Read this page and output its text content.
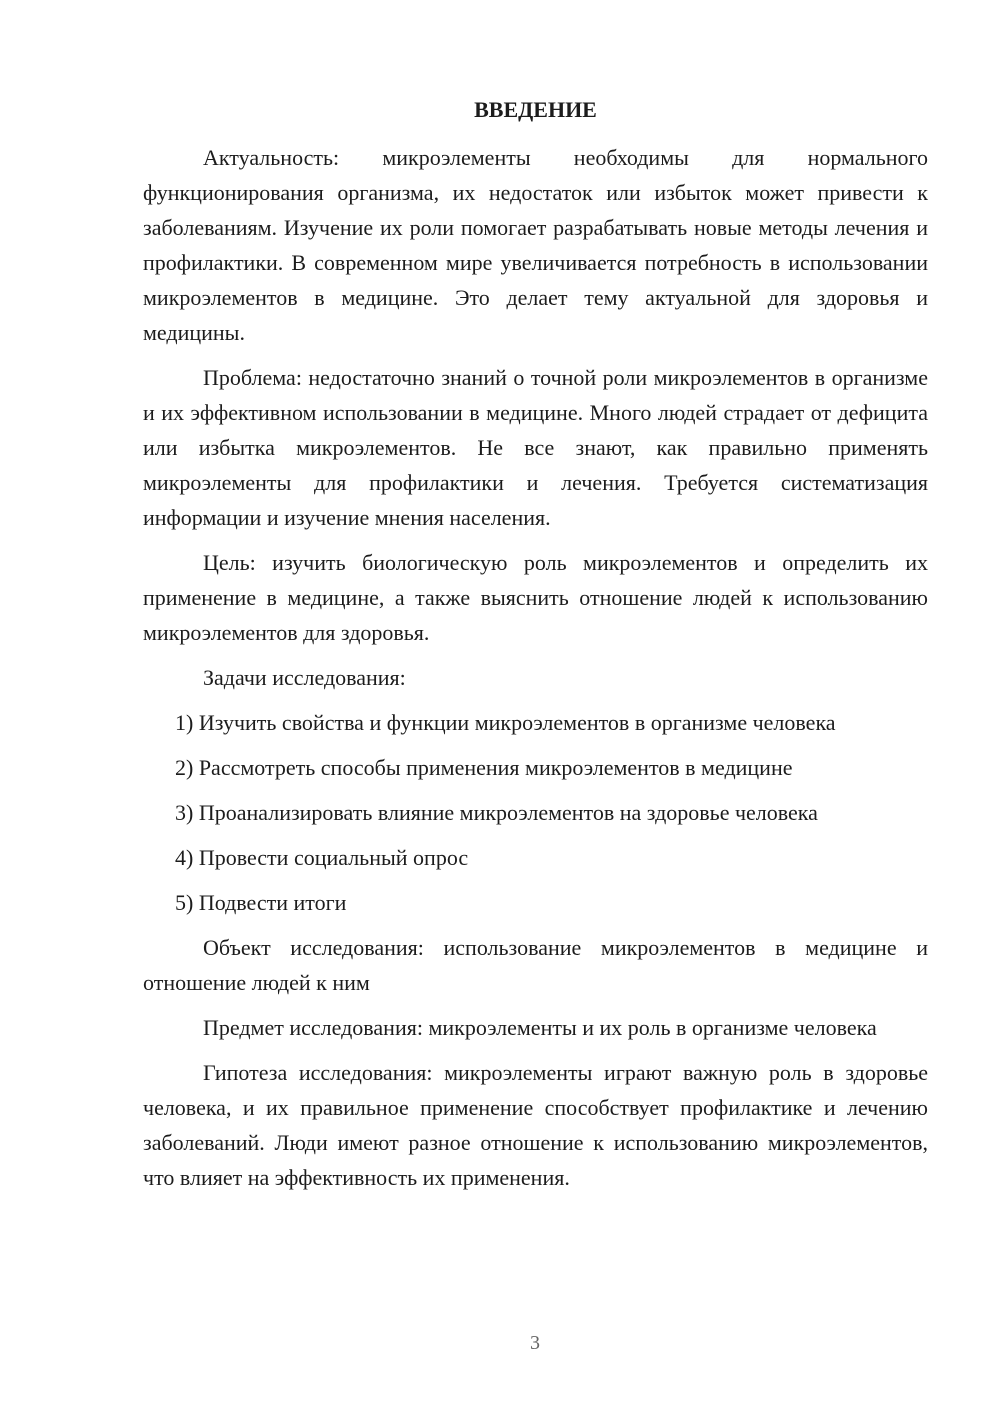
ВВЕДЕНИЕ

Актуальность: микроэлементы необходимы для нормального функционирования организма, их недостаток или избыток может привести к заболеваниям. Изучение их роли помогает разрабатывать новые методы лечения и профилактики. В современном мире увеличивается потребность в использовании микроэлементов в медицине. Это делает тему актуальной для здоровья и медицины.

Проблема: недостаточно знаний о точной роли микроэлементов в организме и их эффективном использовании в медицине. Много людей страдает от дефицита или избытка микроэлементов. Не все знают, как правильно применять микроэлементы для профилактики и лечения. Требуется систематизация информации и изучение мнения населения.

Цель: изучить биологическую роль микроэлементов и определить их применение в медицине, а также выяснить отношение людей к использованию микроэлементов для здоровья.

Задачи исследования:

1) Изучить свойства и функции микроэлементов в организме человека
2) Рассмотреть способы применения микроэлементов в медицине
3) Проанализировать влияние микроэлементов на здоровье человека
4) Провести социальный опрос
5) Подвести итоги

Объект исследования: использование микроэлементов в медицине и отношение людей к ним

Предмет исследования: микроэлементы и их роль в организме человека

Гипотеза исследования: микроэлементы играют важную роль в здоровье человека, и их правильное применение способствует профилактике и лечению заболеваний. Люди имеют разное отношение к использованию микроэлементов, что влияет на эффективность их применения.

3
